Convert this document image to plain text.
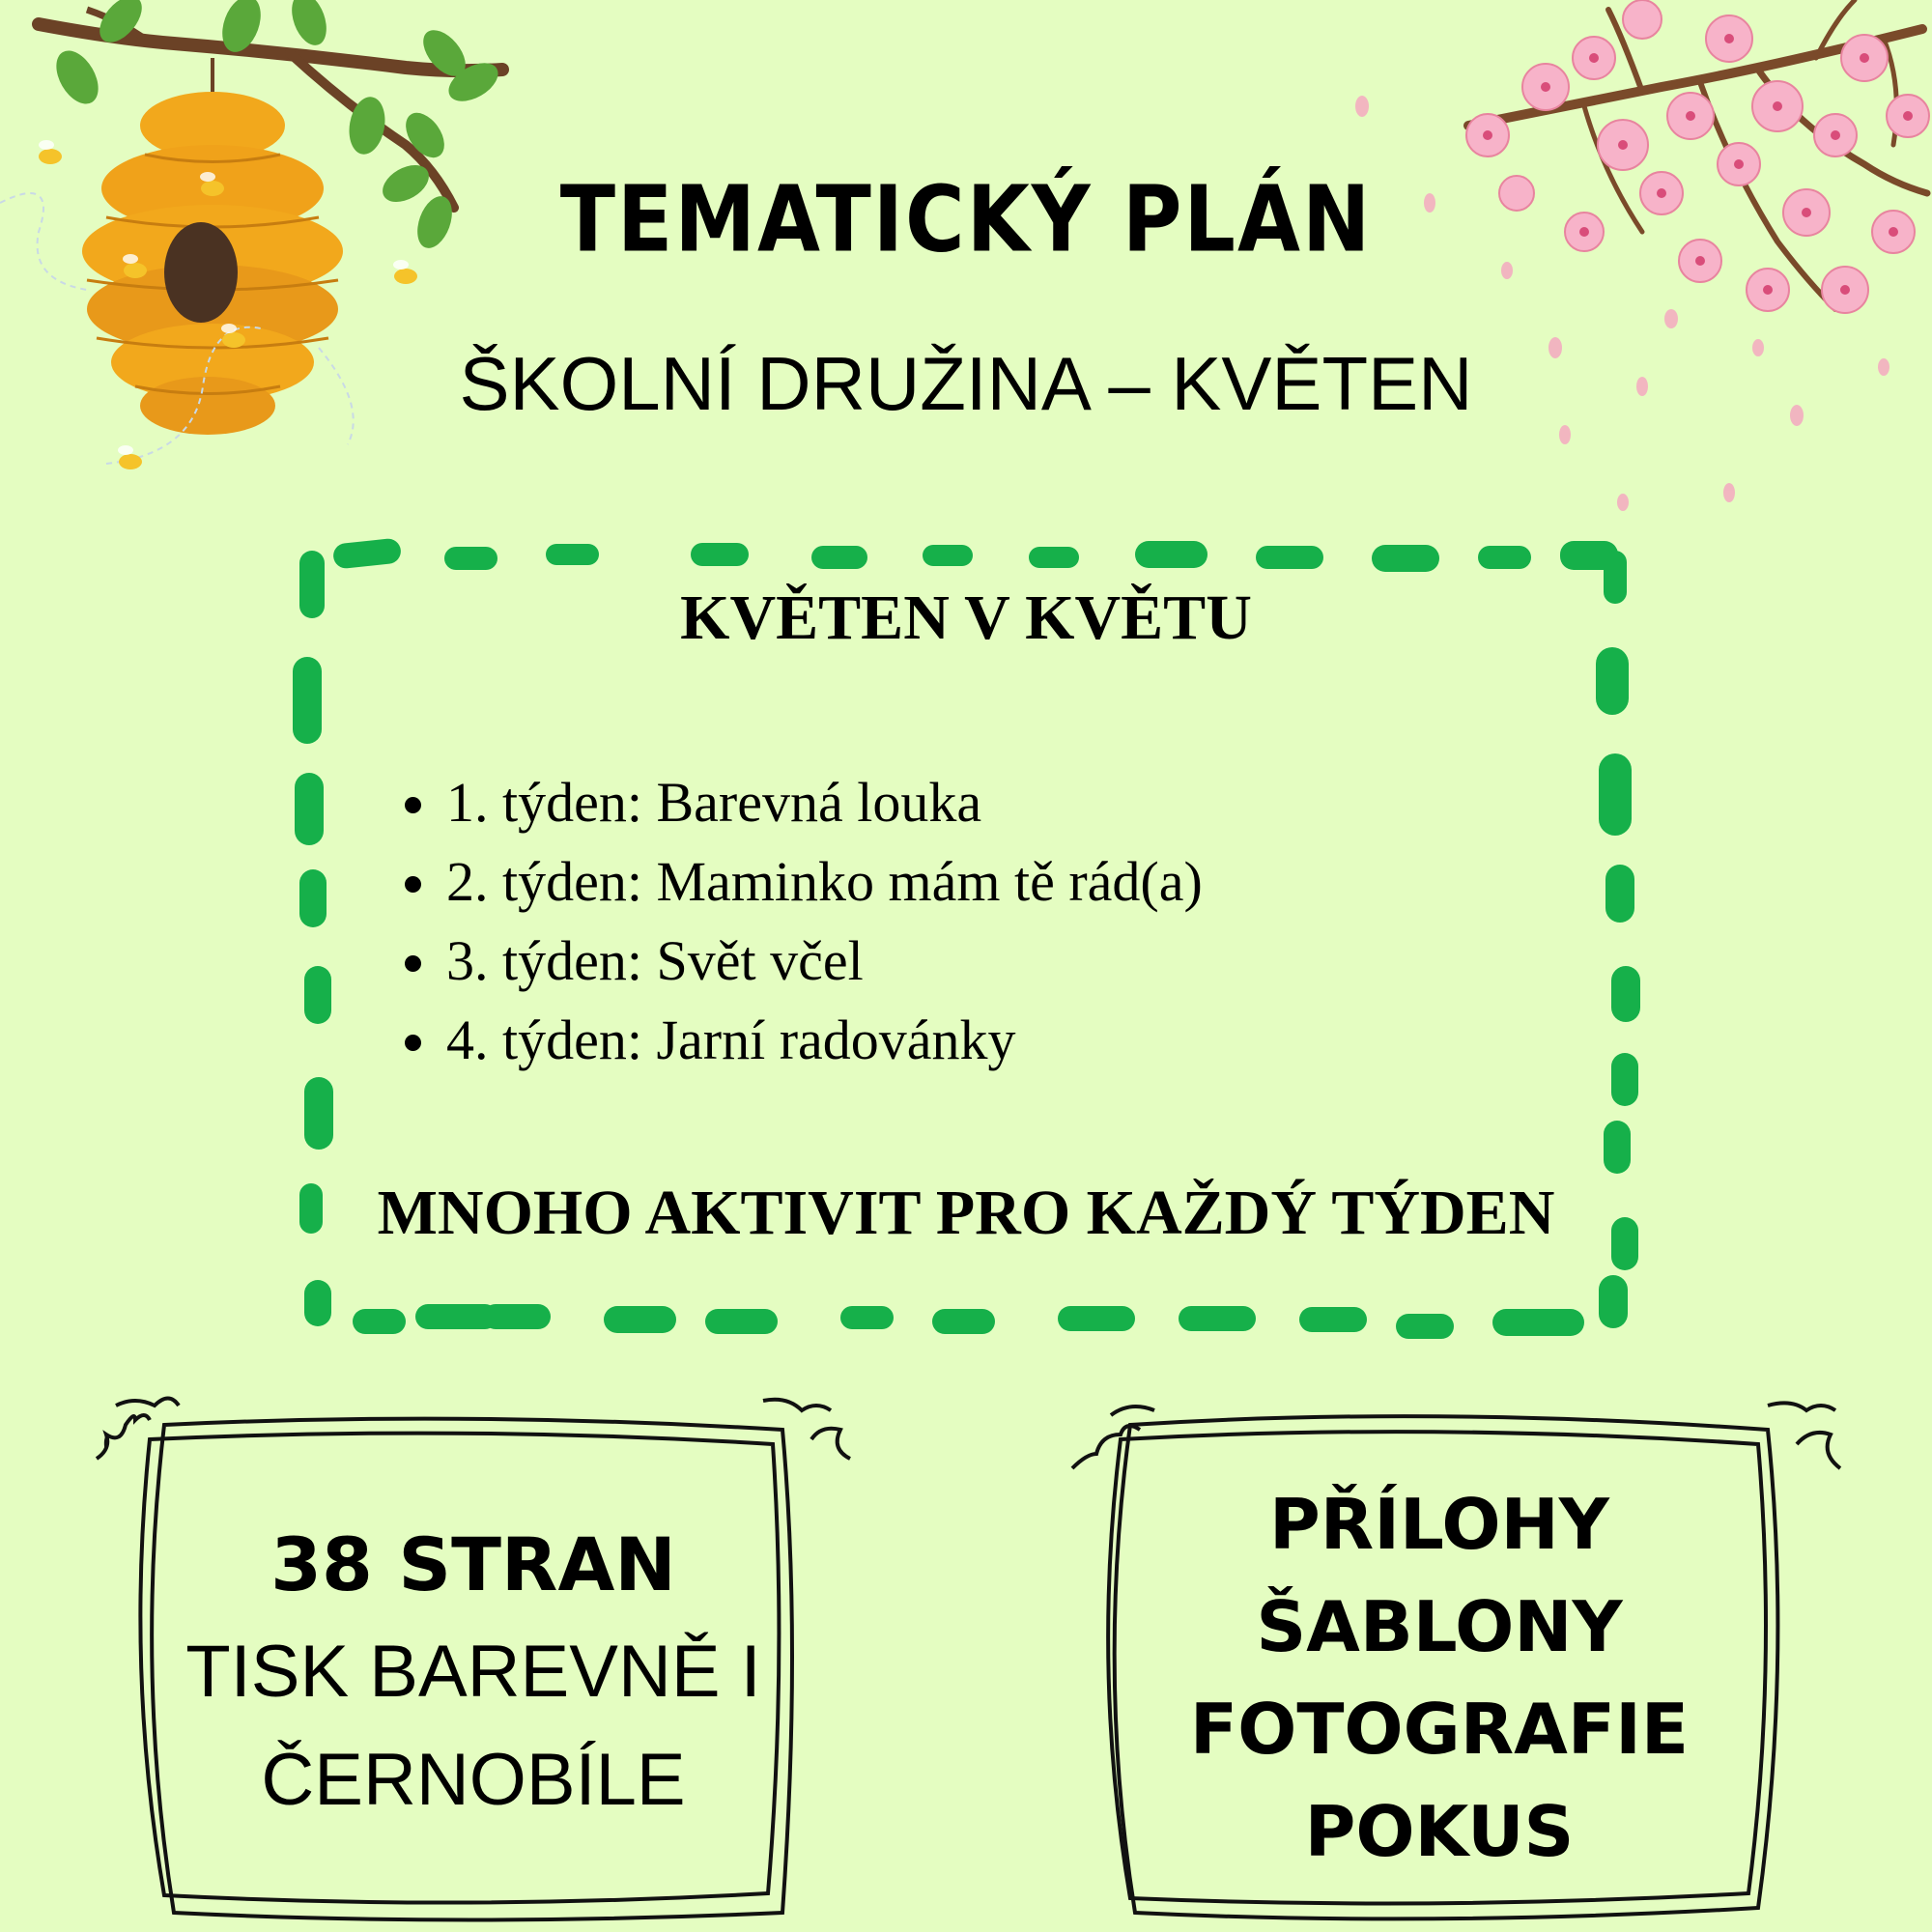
TEMATICKÝ PLÁN
ŠKOLNÍ DRUŽINA – KVĚTEN
KVĚTEN V KVĚTU
• 1. týden: Barevná louka
• 2. týden: Maminko mám tě rád(a)
• 3. týden: Svět včel
• 4. týden: Jarní radovánky
MNOHO AKTIVIT PRO KAŽDÝ TÝDEN
38 STRAN
TISK BAREVNĚ I
ČERNOBÍLE
PŘÍLOHY
ŠABLONY
FOTOGRAFIE
POKUS
